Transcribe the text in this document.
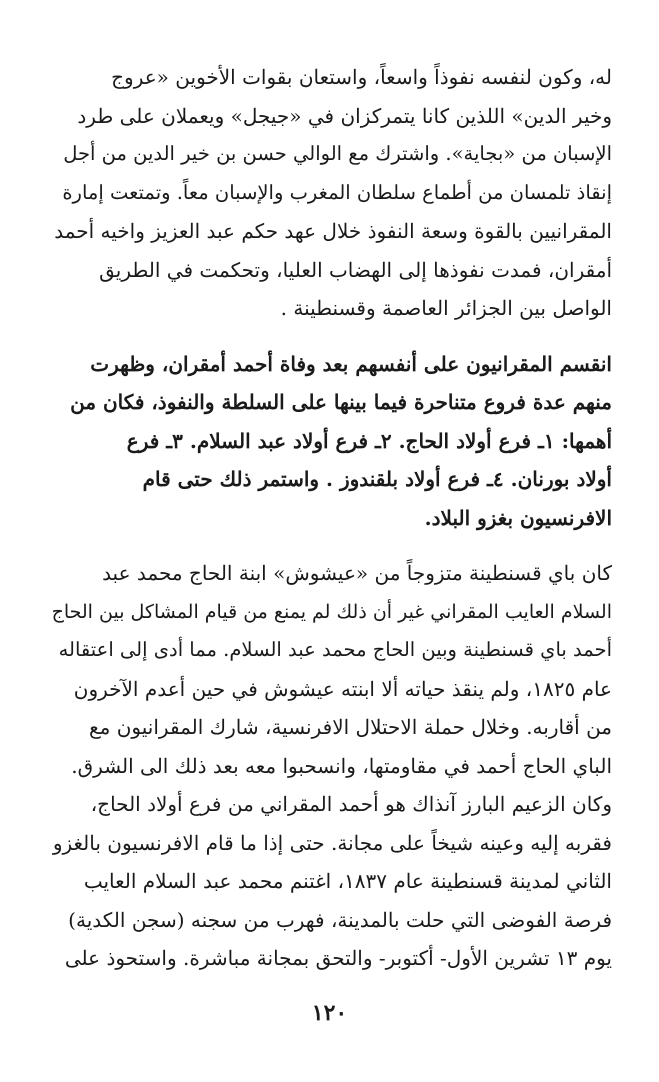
له، وكون لنفسه نفوذاً واسعاً، واستعان بقوات الأخوين «عروج
وخير الدين» اللذين كانا يتمركزان في «جيجل» ويعملان على طرد
الإسبان من «بجاية». واشترك مع الوالي حسن بن خير الدين من أجل
إنقاذ تلمسان من أطماع سلطان المغرب والإسبان معاً. وتمتعت إمارة
المقرانيين بالقوة وسعة النفوذ خلال عهد حكم عبد العزيز واخيه أحمد
أمقران، فمدت نفوذها إلى الهضاب العليا، وتحكمت في الطريق
الواصل بين الجزائر العاصمة وقسنطينة .
انقسم المقرانيون على أنفسهم بعد وفاة أحمد أمقران، وظهرت
منهم عدة فروع متناحرة فيما بينها على السلطة والنفوذ، فكان من
أهمها: ١ـ فرع أولاد الحاج. ٢ـ فرع أولاد عبد السلام. ٣ـ فرع
أولاد بورنان. ٤ـ فرع أولاد بلقندوز . واستمر ذلك حتى قام
الافرنسيون بغزو البلاد.
كان باي قسنطينة متزوجاً من «عيشوش» ابنة الحاج محمد عبد
السلام العايب المقراني غير أن ذلك لم يمنع من قيام المشاكل بين الحاج
أحمد باي قسنطينة وبين الحاج محمد عبد السلام. مما أدى إلى اعتقاله
عام ١٨٢٥، ولم ينقذ حياته ألا ابنته عيشوش في حين أعدم الآخرون
من أقاربه. وخلال حملة الاحتلال الافرنسية، شارك المقرانيون مع
الباي الحاج أحمد في مقاومتها، وانسحبوا معه بعد ذلك الى الشرق.
وكان الزعيم البارز آنذاك هو أحمد المقراني من فرع أولاد الحاج،
فقربه إليه وعينه شيخاً على مجانة. حتى إذا ما قام الافرنسيون بالغزو
الثاني لمدينة قسنطينة عام ١٨٣٧، اغتنم محمد عبد السلام العايب
فرصة الفوضى التي حلت بالمدينة، فهرب من سجنه (سجن الكدية)
يوم ١٣ تشرين الأول- أكتوبر- والتحق بمجانة مباشرة. واستحوذ على
١٢٠
